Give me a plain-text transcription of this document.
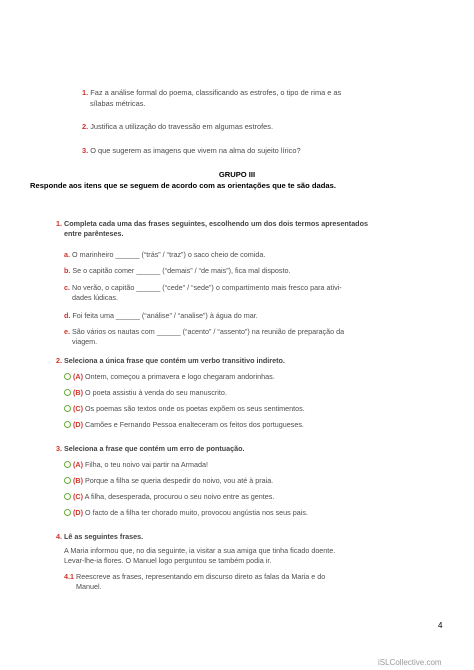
1. Faz a análise formal do poema, classificando as estrofes, o tipo de rima e as
sílabas métricas.
2. Justifica a utilização do travessão em algumas estrofes.
3. O que sugerem as imagens que vivem na alma do sujeito lírico?
GRUPO III
Responde aos itens que se seguem de acordo com as orientações que te são dadas.
1. Completa cada uma das frases seguintes, escolhendo um dos dois termos apresentados
entre parênteses.
a. O marinheiro ______ (“trás” / “traz”) o saco cheio de comida.
b. Se o capitão comer ______ (“demais” / “de mais”), fica mal disposto.
c. No verão, o capitão ______ (“cede” / “sede”) o compartimento mais fresco para ativi-
dades lúdicas.
d. Foi feita uma ______ (“análise” / “analise”) à água do mar.
e. São vários os nautas com ______ (“acento” / “assento”) na reunião de preparação da
viagem.
2. Seleciona a única frase que contém um verbo transitivo indireto.
(A) Ontem, começou a primavera e logo chegaram andorinhas.
(B) O poeta assistiu à venda do seu manuscrito.
(C) Os poemas são textos onde os poetas expõem os seus sentimentos.
(D) Camões e Fernando Pessoa enalteceram os feitos dos portugueses.
3. Seleciona a frase que contém um erro de pontuação.
(A) Filha, o teu noivo vai partir na Armada!
(B) Porque a filha se queria despedir do noivo, vou até à praia.
(C) A filha, desesperada, procurou o seu noivo entre as gentes.
(D) O facto de a filha ter chorado muito, provocou angústia nos seus pais.
4. Lê as seguintes frases.
A Maria informou que, no dia seguinte, ia visitar a sua amiga que tinha ficado doente.
Levar-lhe-ia flores. O Manuel logo perguntou se também podia ir.
4.1 Reescreve as frases, representando em discurso direto as falas da Maria e do
Manuel.
4
iSLCollective.com
